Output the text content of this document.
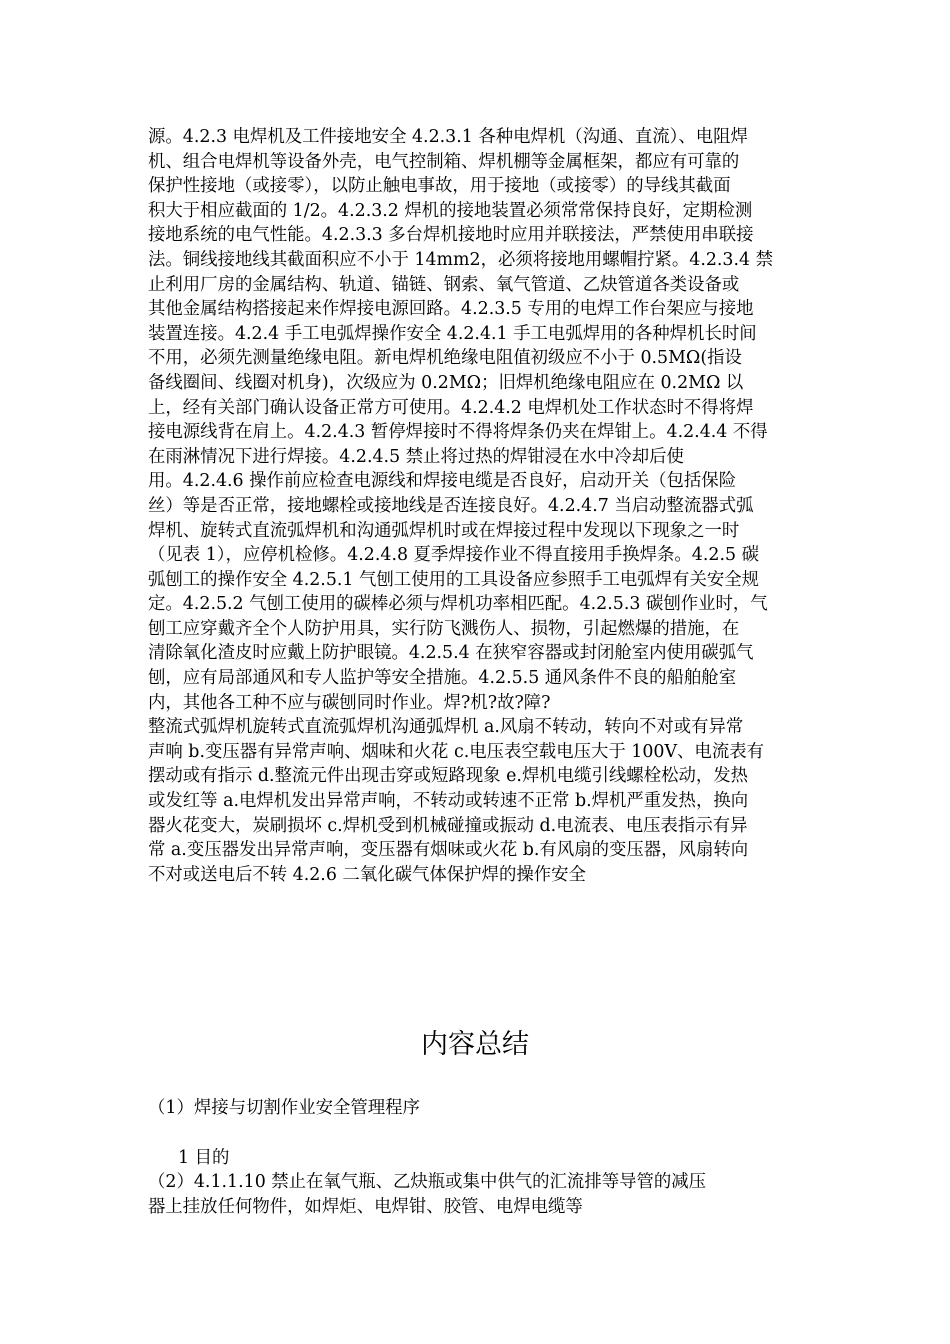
源。4.2.3 电焊机及工件接地安全 4.2.3.1 各种电焊机（沟通、直流）、电阻焊
机、组合电焊机等设备外壳，电气控制箱、焊机棚等金属框架，都应有可靠的
保护性接地（或接零），以防止触电事故，用于接地（或接零）的导线其截面
积大于相应截面的 1/2。4.2.3.2 焊机的接地装置必须常常保持良好，定期检测
接地系统的电气性能。4.2.3.3 多台焊机接地时应用并联接法，严禁使用串联接
法。铜线接地线其截面积应不小于 14mm2，必须将接地用螺帽拧紧。4.2.3.4 禁
止利用厂房的金属结构、轨道、锚链、钢索、氧气管道、乙炔管道各类设备或
其他金属结构搭接起来作焊接电源回路。4.2.3.5 专用的电焊工作台架应与接地
装置连接。4.2.4 手工电弧焊操作安全 4.2.4.1 手工电弧焊用的各种焊机长时间
不用，必须先测量绝缘电阻。新电焊机绝缘电阻值初级应不小于 0.5MΩ(指设
备线圈间、线圈对机身)，次级应为 0.2MΩ；旧焊机绝缘电阻应在 0.2MΩ 以
上，经有关部门确认设备正常方可使用。4.2.4.2 电焊机处工作状态时不得将焊
接电源线背在肩上。4.2.4.3 暂停焊接时不得将焊条仍夹在焊钳上。4.2.4.4 不得
在雨淋情况下进行焊接。4.2.4.5 禁止将过热的焊钳浸在水中冷却后使
用。4.2.4.6 操作前应检查电源线和焊接电缆是否良好，启动开关（包括保险
丝）等是否正常，接地螺栓或接地线是否连接良好。4.2.4.7 当启动整流器式弧
焊机、旋转式直流弧焊机和沟通弧焊机时或在焊接过程中发现以下现象之一时
（见表 1），应停机检修。4.2.4.8 夏季焊接作业不得直接用手换焊条。4.2.5 碳
弧刨工的操作安全 4.2.5.1 气刨工使用的工具设备应参照手工电弧焊有关安全规
定。4.2.5.2 气刨工使用的碳棒必须与焊机功率相匹配。4.2.5.3 碳刨作业时，气
刨工应穿戴齐全个人防护用具，实行防飞溅伤人、损物，引起燃爆的措施，在
清除氧化渣皮时应戴上防护眼镜。4.2.5.4 在狭窄容器或封闭舱室内使用碳弧气
刨，应有局部通风和专人监护等安全措施。4.2.5.5 通风条件不良的船舶舱室
内，其他各工种不应与碳刨同时作业。焊?机?故?障?
整流式弧焊机旋转式直流弧焊机沟通弧焊机 a.风扇不转动，转向不对或有异常
声响 b.变压器有异常声响、烟味和火花 c.电压表空载电压大于 100V、电流表有
摆动或有指示 d.整流元件出现击穿或短路现象 e.焊机电缆引线螺栓松动，发热
或发红等 a.电焊机发出异常声响，不转动或转速不正常 b.焊机严重发热，换向
器火花变大，炭刷损坏 c.焊机受到机械碰撞或振动 d.电流表、电压表指示有异
常 a.变压器发出异常声响，变压器有烟味或火花 b.有风扇的变压器，风扇转向
不对或送电后不转 4.2.6 二氧化碳气体保护焊的操作安全
内容总结
（1）焊接与切割作业安全管理程序
1 目的
（2）4.1.1.10 禁止在氧气瓶、乙炔瓶或集中供气的汇流排等导管的减压
器上挂放任何物件，如焊炬、电焊钳、胶管、电焊电缆等
